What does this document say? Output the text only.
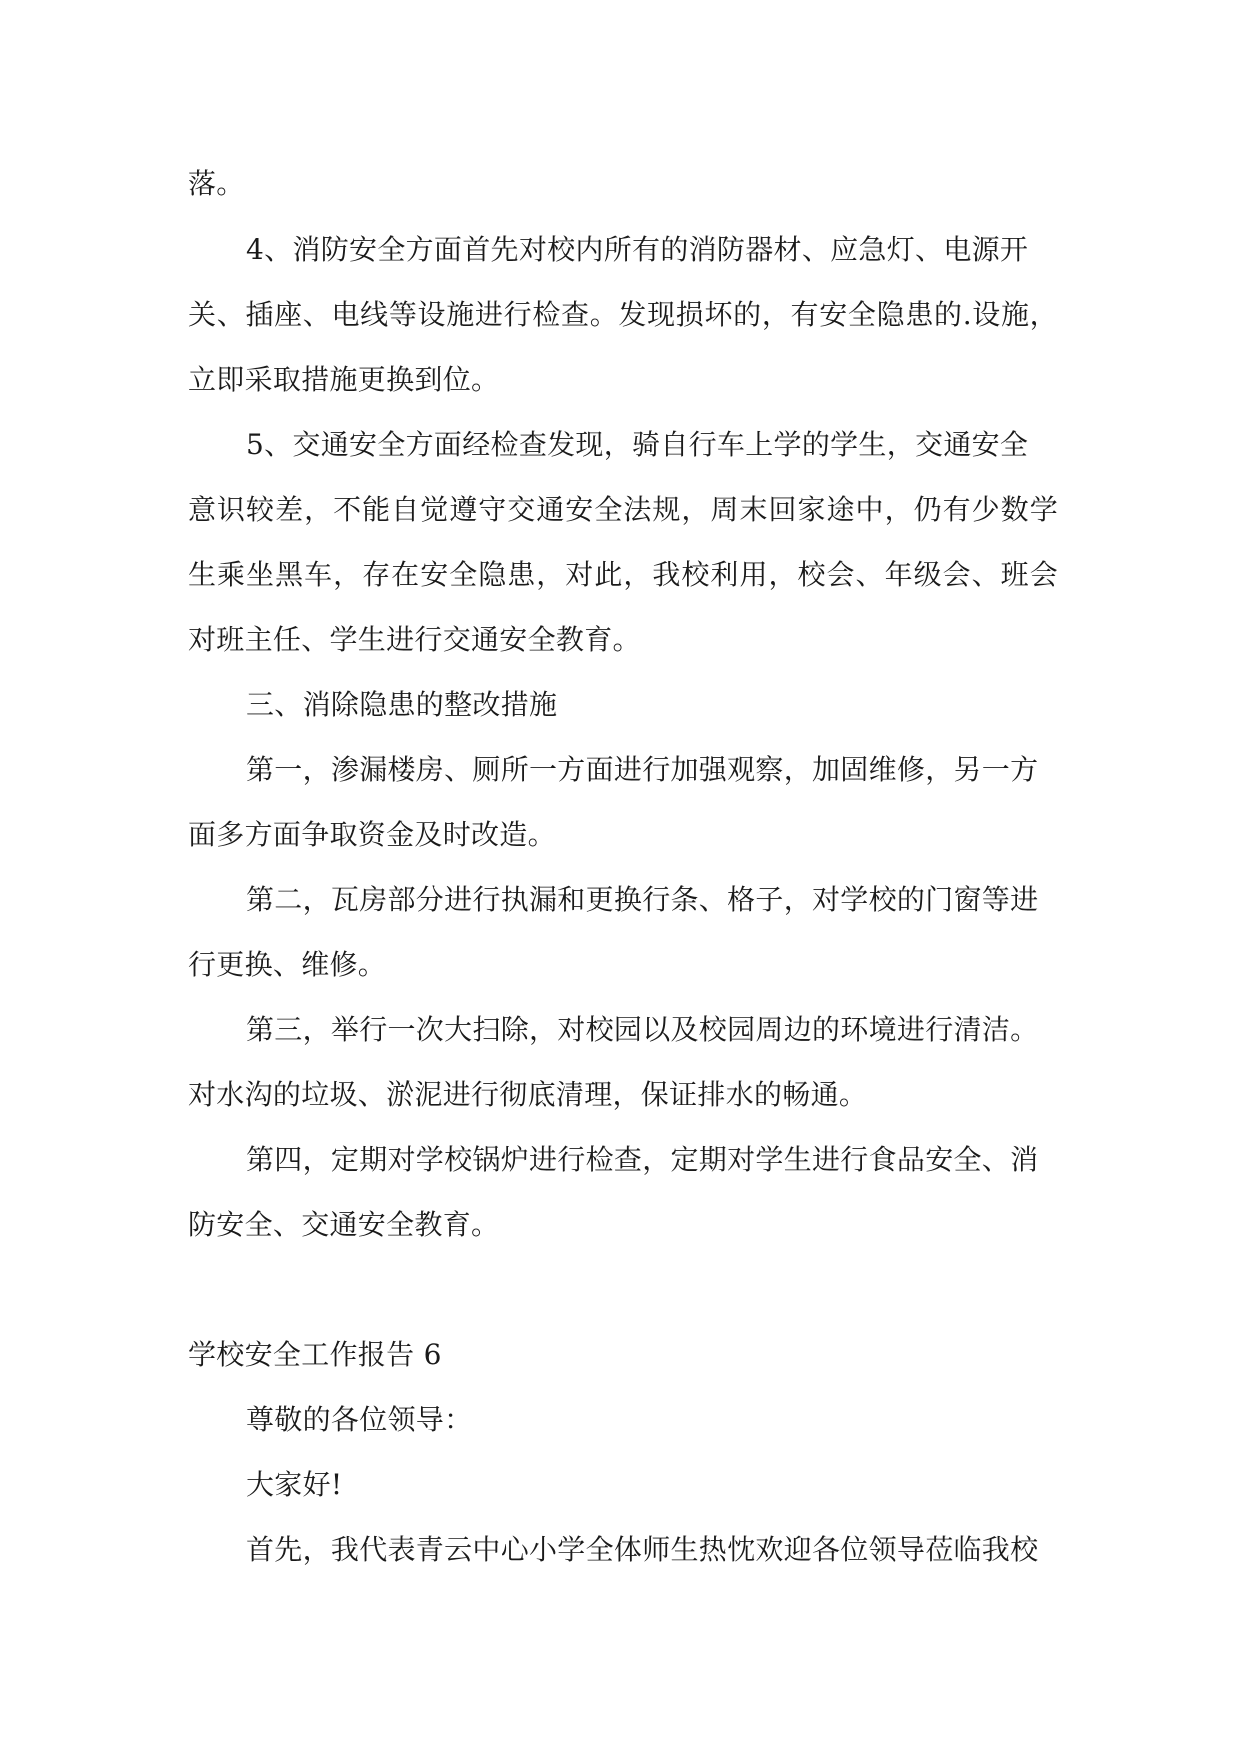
落。
4、消防安全方面首先对校内所有的消防器材、应急灯、电源开
关、插座、电线等设施进行检查。发现损坏的，有安全隐患的.设施，
立即采取措施更换到位。
5、交通安全方面经检查发现，骑自行车上学的学生，交通安全
意识较差，不能自觉遵守交通安全法规，周末回家途中，仍有少数学
生乘坐黑车，存在安全隐患，对此，我校利用，校会、年级会、班会
对班主任、学生进行交通安全教育。
三、消除隐患的整改措施
第一，渗漏楼房、厕所一方面进行加强观察，加固维修，另一方
面多方面争取资金及时改造。
第二，瓦房部分进行执漏和更换行条、格子，对学校的门窗等进
行更换、维修。
第三，举行一次大扫除，对校园以及校园周边的环境进行清洁。
对水沟的垃圾、淤泥进行彻底清理，保证排水的畅通。
第四，定期对学校锅炉进行检查，定期对学生进行食品安全、消
防安全、交通安全教育。
学校安全工作报告 6
尊敬的各位领导：
大家好!
首先，我代表青云中心小学全体师生热忱欢迎各位领导莅临我校
